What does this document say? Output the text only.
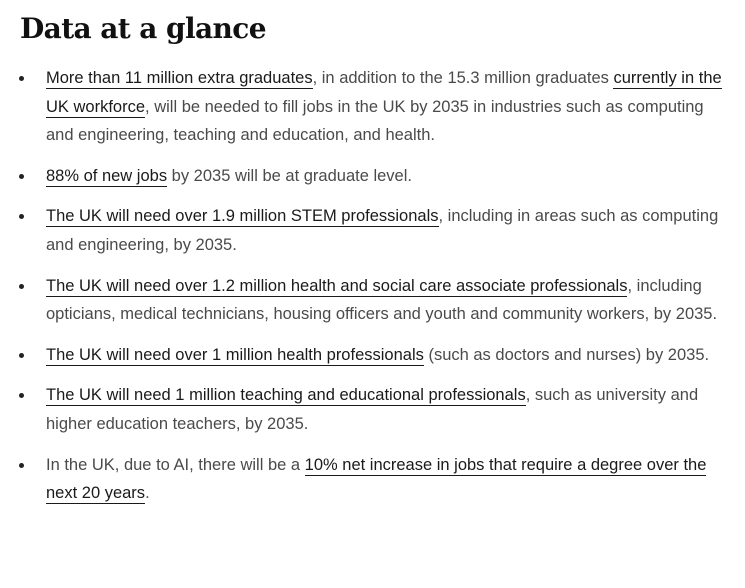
Data at a glance
More than 11 million extra graduates, in addition to the 15.3 million graduates currently in the UK workforce, will be needed to fill jobs in the UK by 2035 in industries such as computing and engineering, teaching and education, and health.
88% of new jobs by 2035 will be at graduate level.
The UK will need over 1.9 million STEM professionals, including in areas such as computing and engineering, by 2035.
The UK will need over 1.2 million health and social care associate professionals, including opticians, medical technicians, housing officers and youth and community workers, by 2035.
The UK will need over 1 million health professionals (such as doctors and nurses) by 2035.
The UK will need 1 million teaching and educational professionals, such as university and higher education teachers, by 2035.
In the UK, due to AI, there will be a 10% net increase in jobs that require a degree over the next 20 years.
